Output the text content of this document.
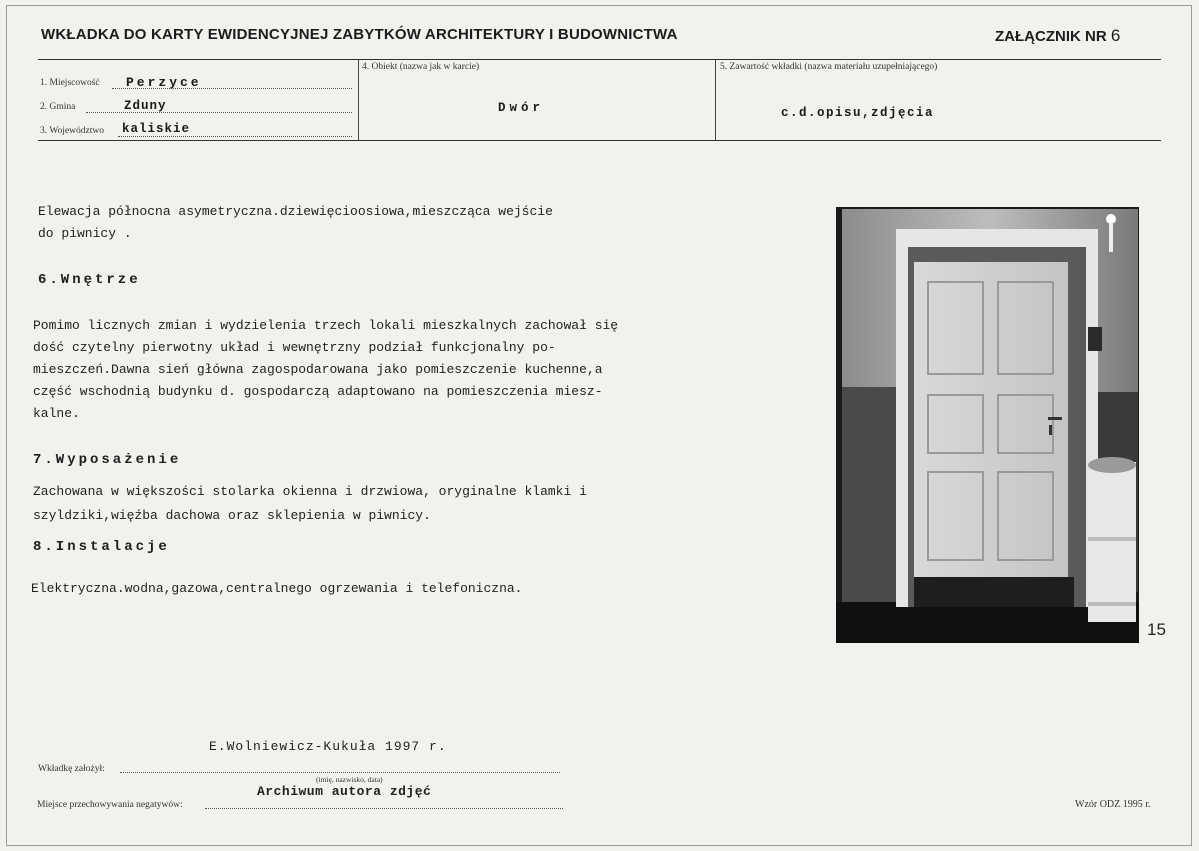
WKŁADKA DO KARTY EWIDENCYJNEJ ZABYTKÓW ARCHITEKTURY I BUDOWNICTWA	ZAŁĄCZNIK NR 6
1. Miejscowość Perzyce
2. Gmina	Zduny
3. Województwo kaliskie
4. Obiekt (nazwa jak w karcie)
Dwór
5. Zawartość wkładki (nazwa materiału uzupełniającego)
c.d.opisu,zdjęcia
Elewacja północna asymetryczna.dziewięcioosiowa,mieszcząca wejście
do piwnicy .
6.Wnętrze
Pomimo licznych zmian i wydzielenia trzech lokali mieszkalnych zachował się
dość czytelny pierwotny układ i wewnętrzny podział funkcjonalny po-
mieszczeń.Dawna sień główna zagospodarowana jako pomieszczenie kuchenne,a
część wschodnią budynku d. gospodarczą adaptowano na pomieszczenia miesz-
kalne.
7.Wyposażenie
Zachowana w większości stolarka okienna i drzwiowa, oryginalne klamki i
szyldziki,więźba dachowa oraz sklepienia w piwnicy.
8.Instalacje
Elektryczna.wodna,gazowa,centralnego ogrzewania i telefoniczna.
15
E.Wolniewicz-Kukuła 1997 r.
Wkładkę założył:
(imię, nazwisko, data)
Archiwum autora zdjęć
Miejsce przechowywania negatywów:	Wzór ODZ 1995 r.
